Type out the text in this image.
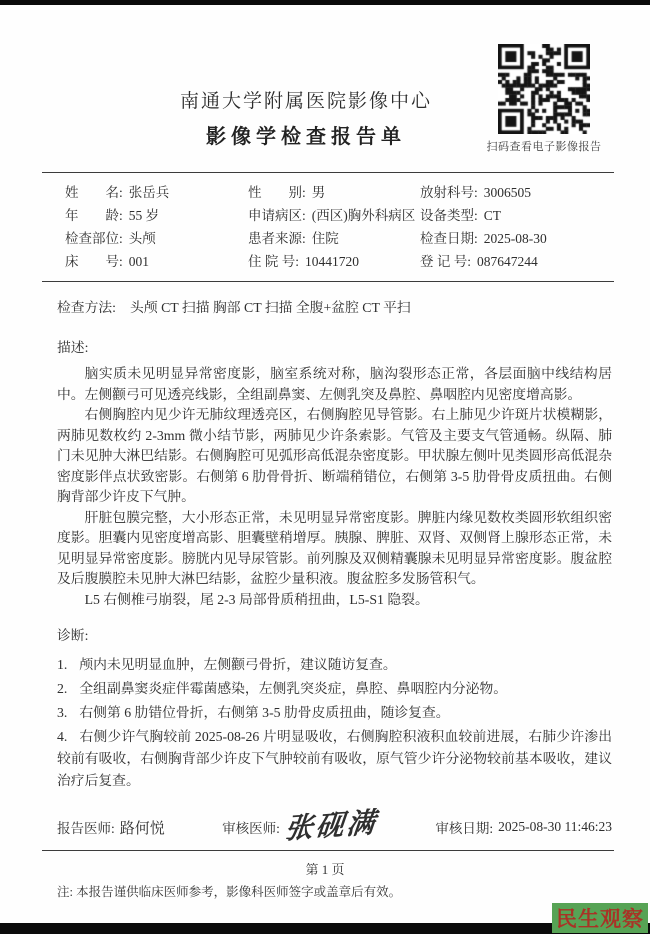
南通大学附属医院影像中心
影像学检查报告单	扫码查看电子影像报告
姓　　名: 张岳兵	性　　别: 男	放射科号: 3006505
年　　龄: 55 岁	申请病区: (西区)胸外科病区 设备类型: CT
检查部位: 头颅	患者来源: 住院	检查日期: 2025-08-30
床　　号: 001	住 院 号: 10441720	登 记 号: 087647244
检查方法: 头颅 CT 扫描 胸部 CT 扫描 全腹+盆腔 CT 平扫
描述:

脑实质未见明显异常密度影，脑室系统对称，脑沟裂形态正常，各层面脑中线结构居中。左侧颧弓可见透亮线影，全组副鼻窦、左侧乳突及鼻腔、鼻咽腔内见密度增高影。

右侧胸腔内见少许无肺纹理透亮区，右侧胸腔见导管影。右上肺见少许斑片状模糊影，两肺见数枚约 2-3mm 微小结节影，两肺见少许条索影。气管及主要支气管通畅。纵隔、肺门未见肿大淋巴结影。右侧胸腔可见弧形高低混杂密度影。甲状腺左侧叶见类圆形高低混杂密度影伴点状致密影。右侧第 6 肋骨骨折、断端稍错位，右侧第 3-5 肋骨骨皮质扭曲。右侧胸背部少许皮下气肿。

肝脏包膜完整，大小形态正常，未见明显异常密度影。脾脏内缘见数枚类圆形软组织密度影。胆囊内见密度增高影、胆囊壁稍增厚。胰腺、脾脏、双肾、双侧肾上腺形态正常，未见明显异常密度影。膀胱内见导尿管影。前列腺及双侧精囊腺未见明显异常密度影。腹盆腔及后腹膜腔未见肿大淋巴结影，盆腔少量积液。腹盆腔多发肠管积气。

L5 右侧椎弓崩裂，尾 2-3 局部骨质稍扭曲，L5-S1 隐裂。

诊断:

1. 颅内未见明显血肿，左侧颧弓骨折，建议随访复查。

2. 全组副鼻窦炎症伴霉菌感染，左侧乳突炎症，鼻腔、鼻咽腔内分泌物。

3. 右侧第 6 肋错位骨折，右侧第 3-5 肋骨皮质扭曲，随诊复查。

4. 右侧少许气胸较前 2025-08-26 片明显吸收，右侧胸腔积液积血较前进展，右肺少许渗出较前有吸收，右侧胸背部少许皮下气肿较前有吸收，原气管少许分泌物较前基本吸收，建议治疗后复查。

报告医师: 路何悦	审核医师: 张砚满	审核日期: 2025-08-30 11:46:23
第 1 页
注: 本报告谨供临床医师参考，影像科医师签字或盖章后有效。
民生观察
